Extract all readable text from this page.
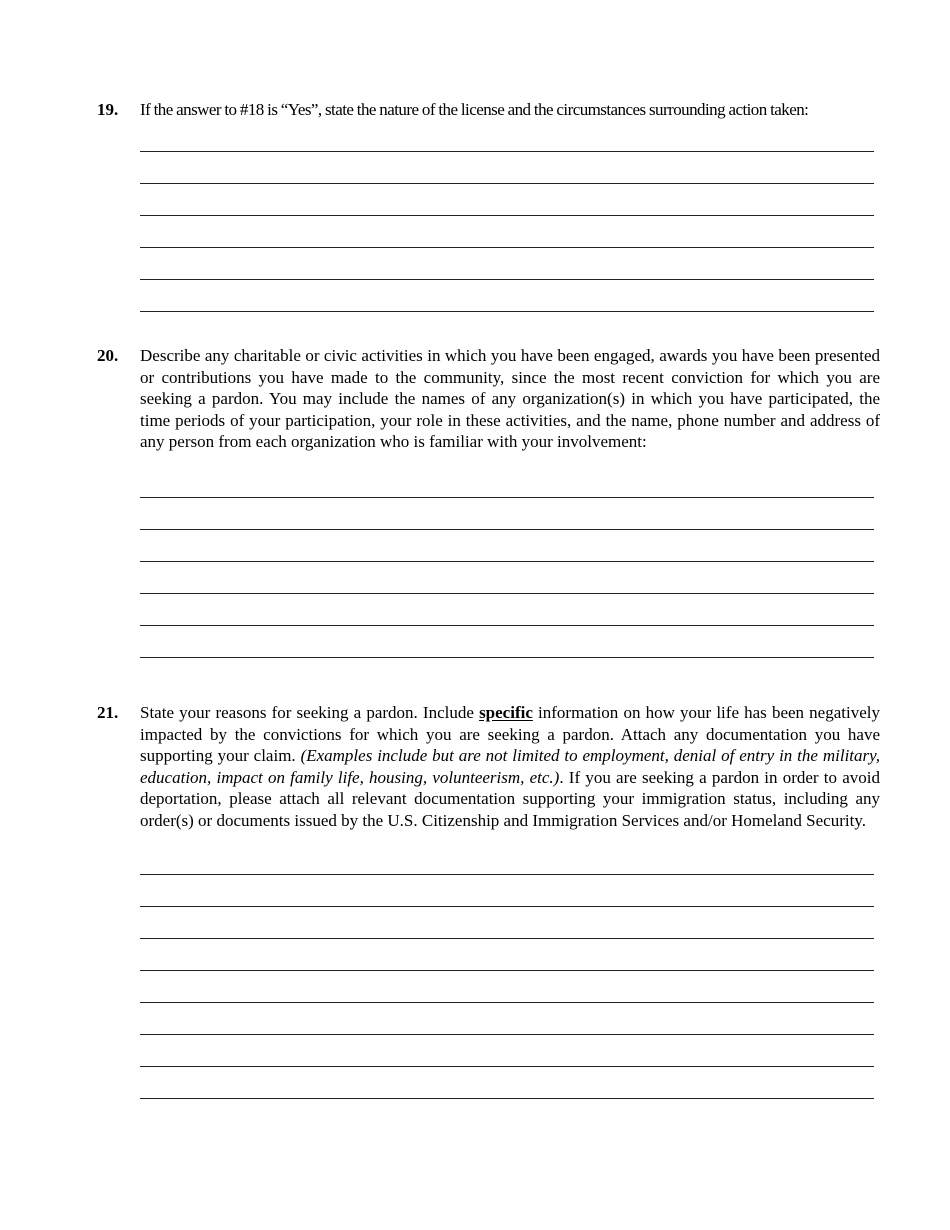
19. If the answer to #18 is “Yes”, state the nature of the license and the circumstances surrounding action taken:
20. Describe any charitable or civic activities in which you have been engaged, awards you have been presented or contributions you have made to the community, since the most recent conviction for which you are seeking a pardon. You may include the names of any organization(s) in which you have participated, the time periods of your participation, your role in these activities, and the name, phone number and address of any person from each organization who is familiar with your involvement:
21. State your reasons for seeking a pardon. Include specific information on how your life has been negatively impacted by the convictions for which you are seeking a pardon. Attach any documentation you have supporting your claim. (Examples include but are not limited to employment, denial of entry in the military, education, impact on family life, housing, volunteerism, etc.). If you are seeking a pardon in order to avoid deportation, please attach all relevant documentation supporting your immigration status, including any order(s) or documents issued by the U.S. Citizenship and Immigration Services and/or Homeland Security.
